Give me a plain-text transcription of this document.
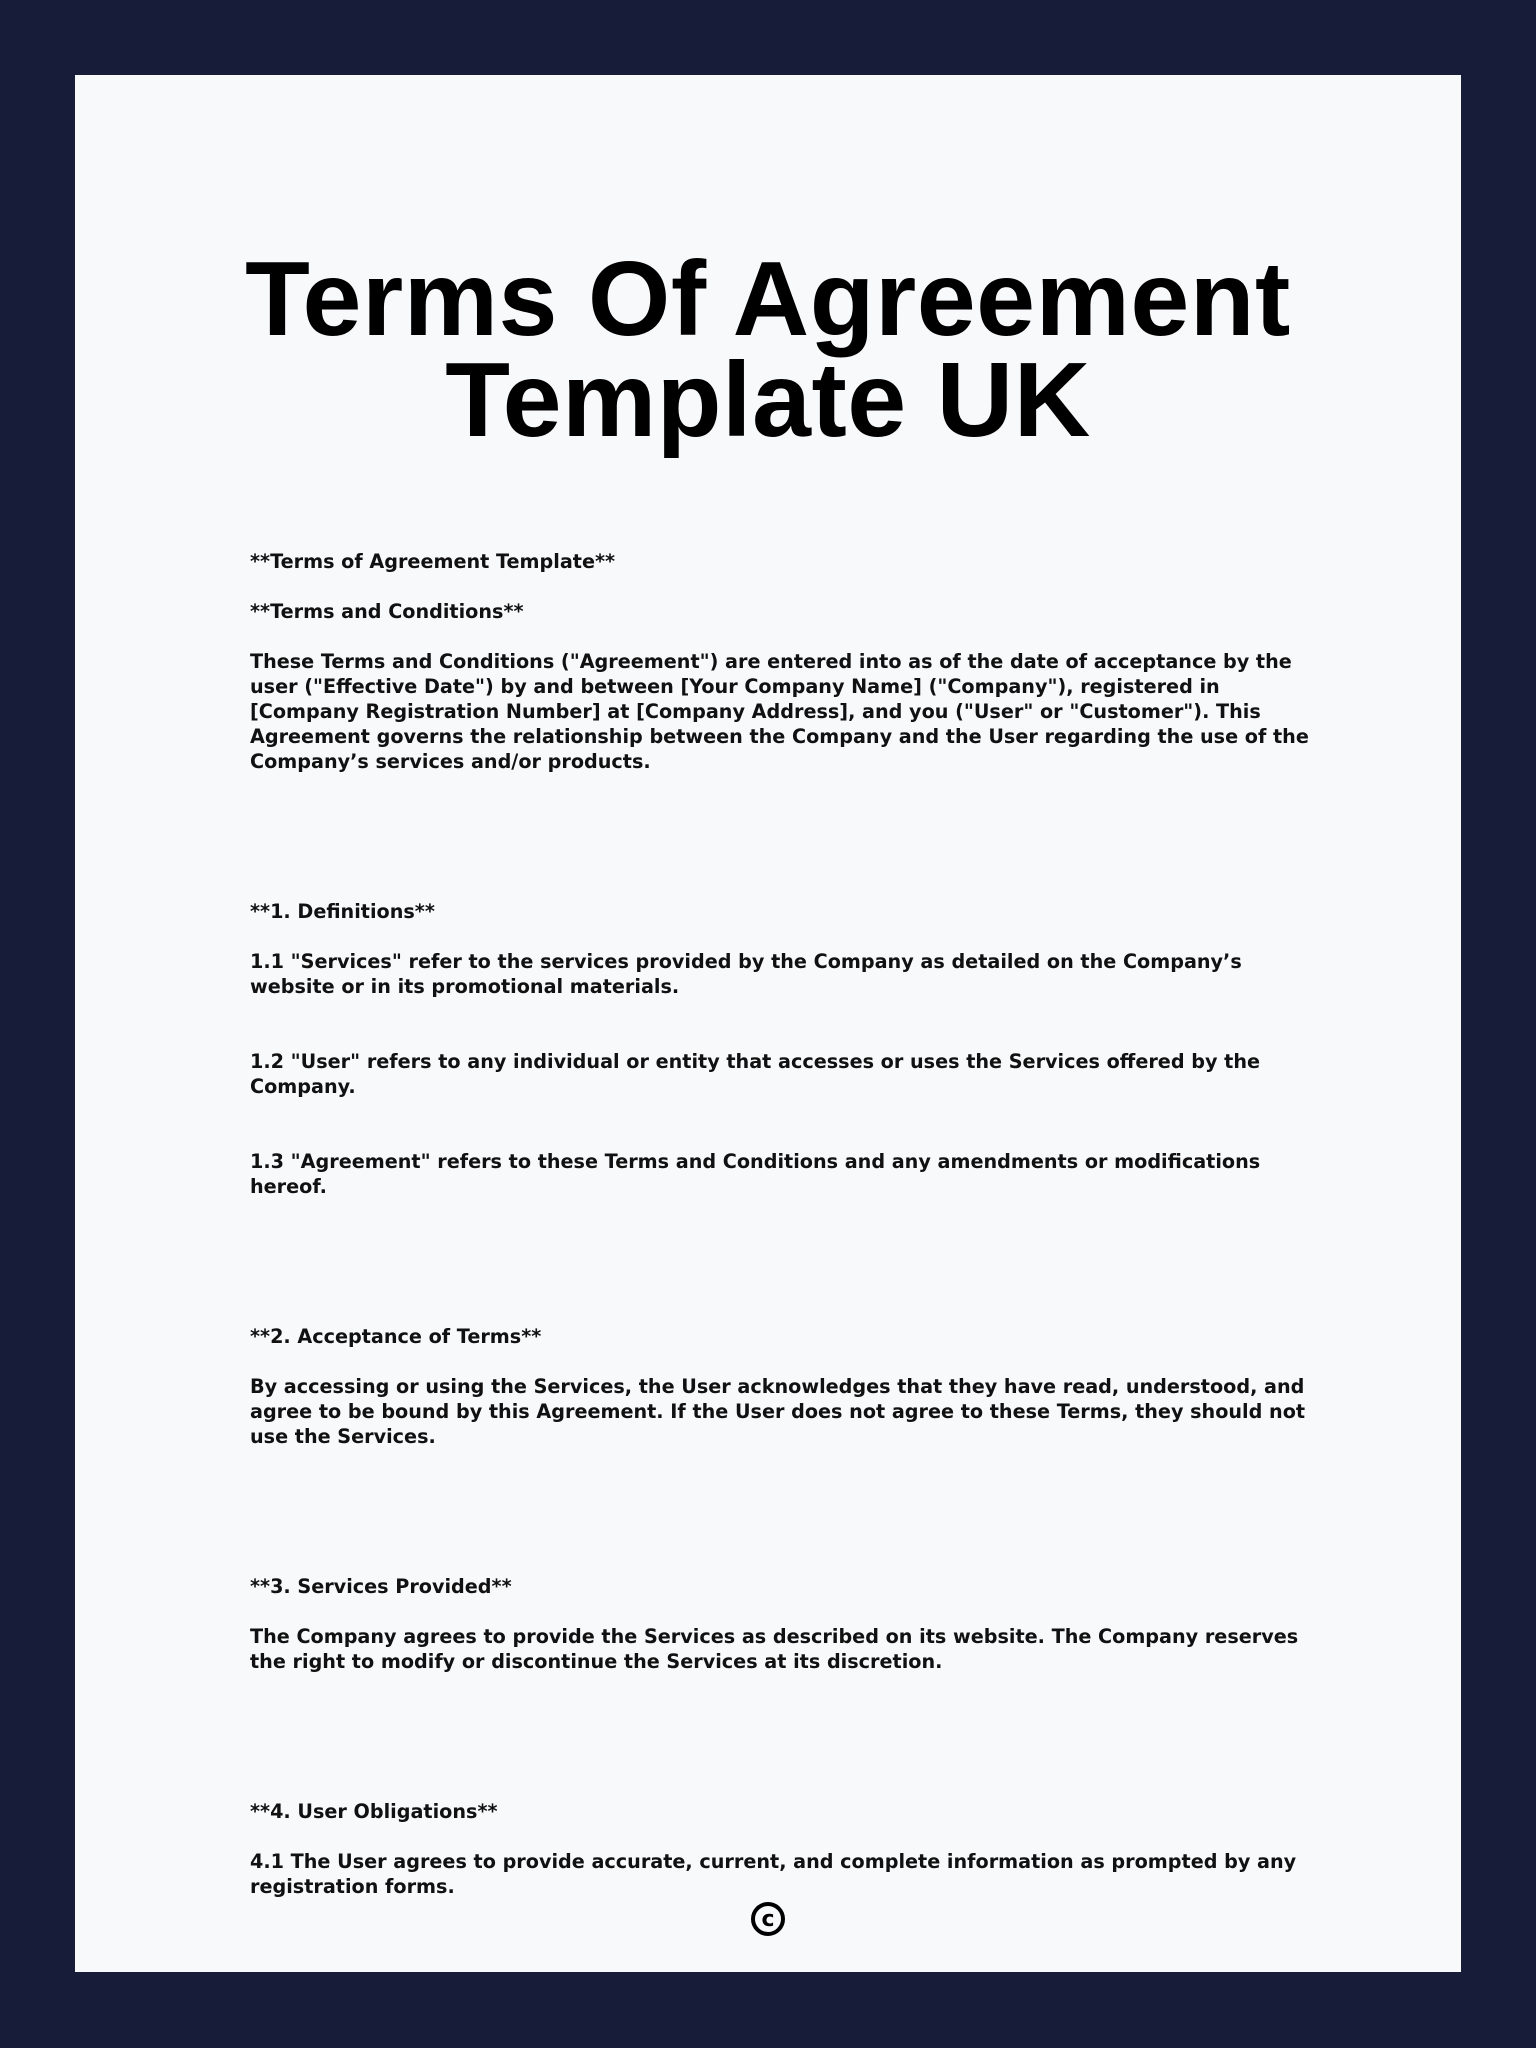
Terms Of Agreement
Template UK

**Terms of Agreement Template**

**Terms and Conditions**

These Terms and Conditions ("Agreement") are entered into as of the date of acceptance by the user ("Effective Date") by and between [Your Company Name] ("Company"), registered in [Company Registration Number] at [Company Address], and you ("User" or "Customer"). This Agreement governs the relationship between the Company and the User regarding the use of the Company’s services and/or products.

**1. Definitions**

1.1 "Services" refer to the services provided by the Company as detailed on the Company’s website or in its promotional materials.

1.2 "User" refers to any individual or entity that accesses or uses the Services offered by the Company.

1.3 "Agreement" refers to these Terms and Conditions and any amendments or modifications hereof.

**2. Acceptance of Terms**

By accessing or using the Services, the User acknowledges that they have read, understood, and agree to be bound by this Agreement. If the User does not agree to these Terms, they should not use the Services.

**3. Services Provided**

The Company agrees to provide the Services as described on its website. The Company reserves the right to modify or discontinue the Services at its discretion.

**4. User Obligations**

4.1 The User agrees to provide accurate, current, and complete information as prompted by any registration forms.

c
